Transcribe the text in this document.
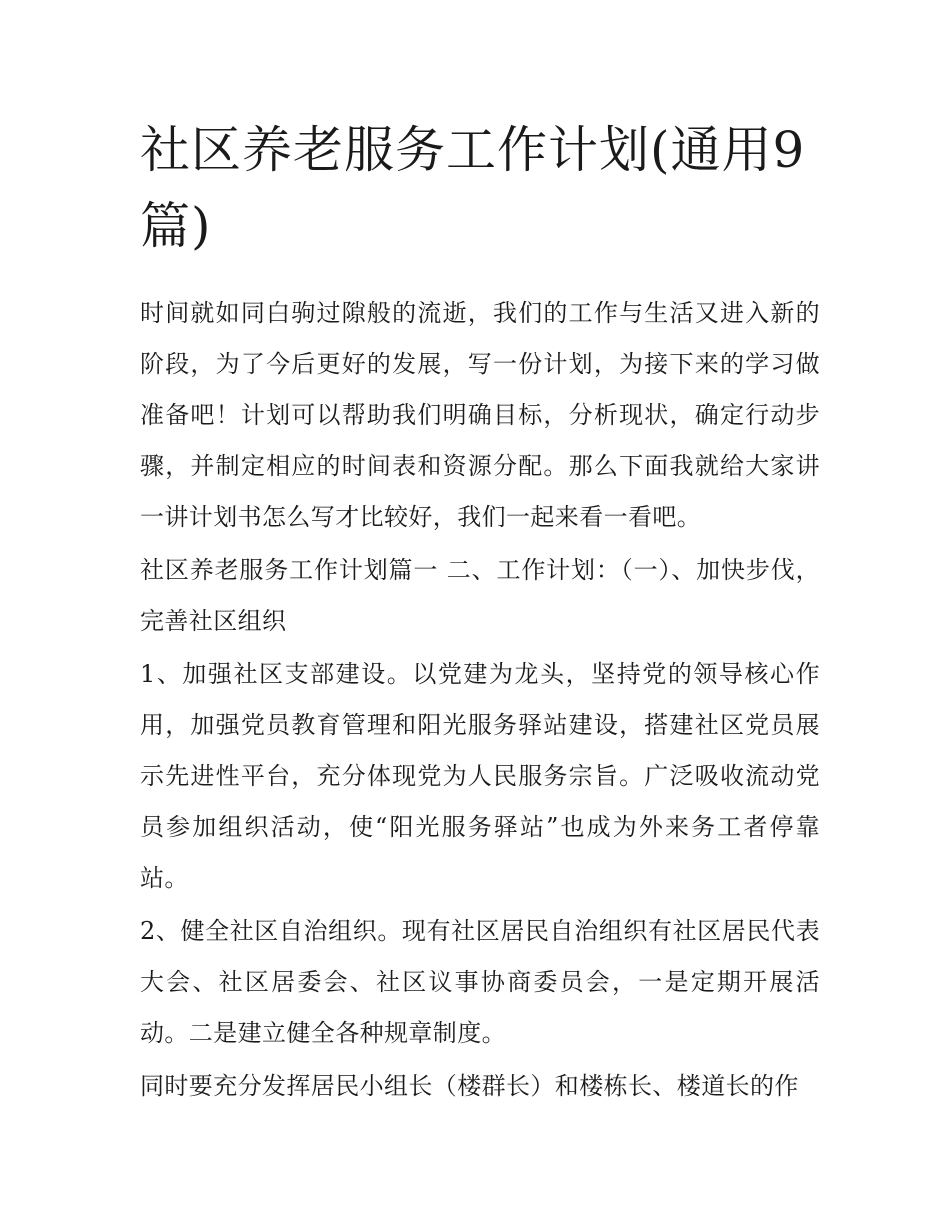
社区养老服务工作计划(通用9篇)

时间就如同白驹过隙般的流逝，我们的工作与生活又进入新的阶段，为了今后更好的发展，写一份计划，为接下来的学习做准备吧！计划可以帮助我们明确目标，分析现状，确定行动步骤，并制定相应的时间表和资源分配。那么下面我就给大家讲一讲计划书怎么写才比较好，我们一起来看一看吧。

社区养老服务工作计划篇一 二、工作计划：（一）、加快步伐，完善社区组织

1、加强社区支部建设。以党建为龙头，坚持党的领导核心作用，加强党员教育管理和阳光服务驿站建设，搭建社区党员展示先进性平台，充分体现党为人民服务宗旨。广泛吸收流动党员参加组织活动，使“阳光服务驿站”也成为外来务工者停靠站。

2、健全社区自治组织。现有社区居民自治组织有社区居民代表大会、社区居委会、社区议事协商委员会，一是定期开展活动。二是建立健全各种规章制度。

同时要充分发挥居民小组长（楼群长）和楼栋长、楼道长的作
